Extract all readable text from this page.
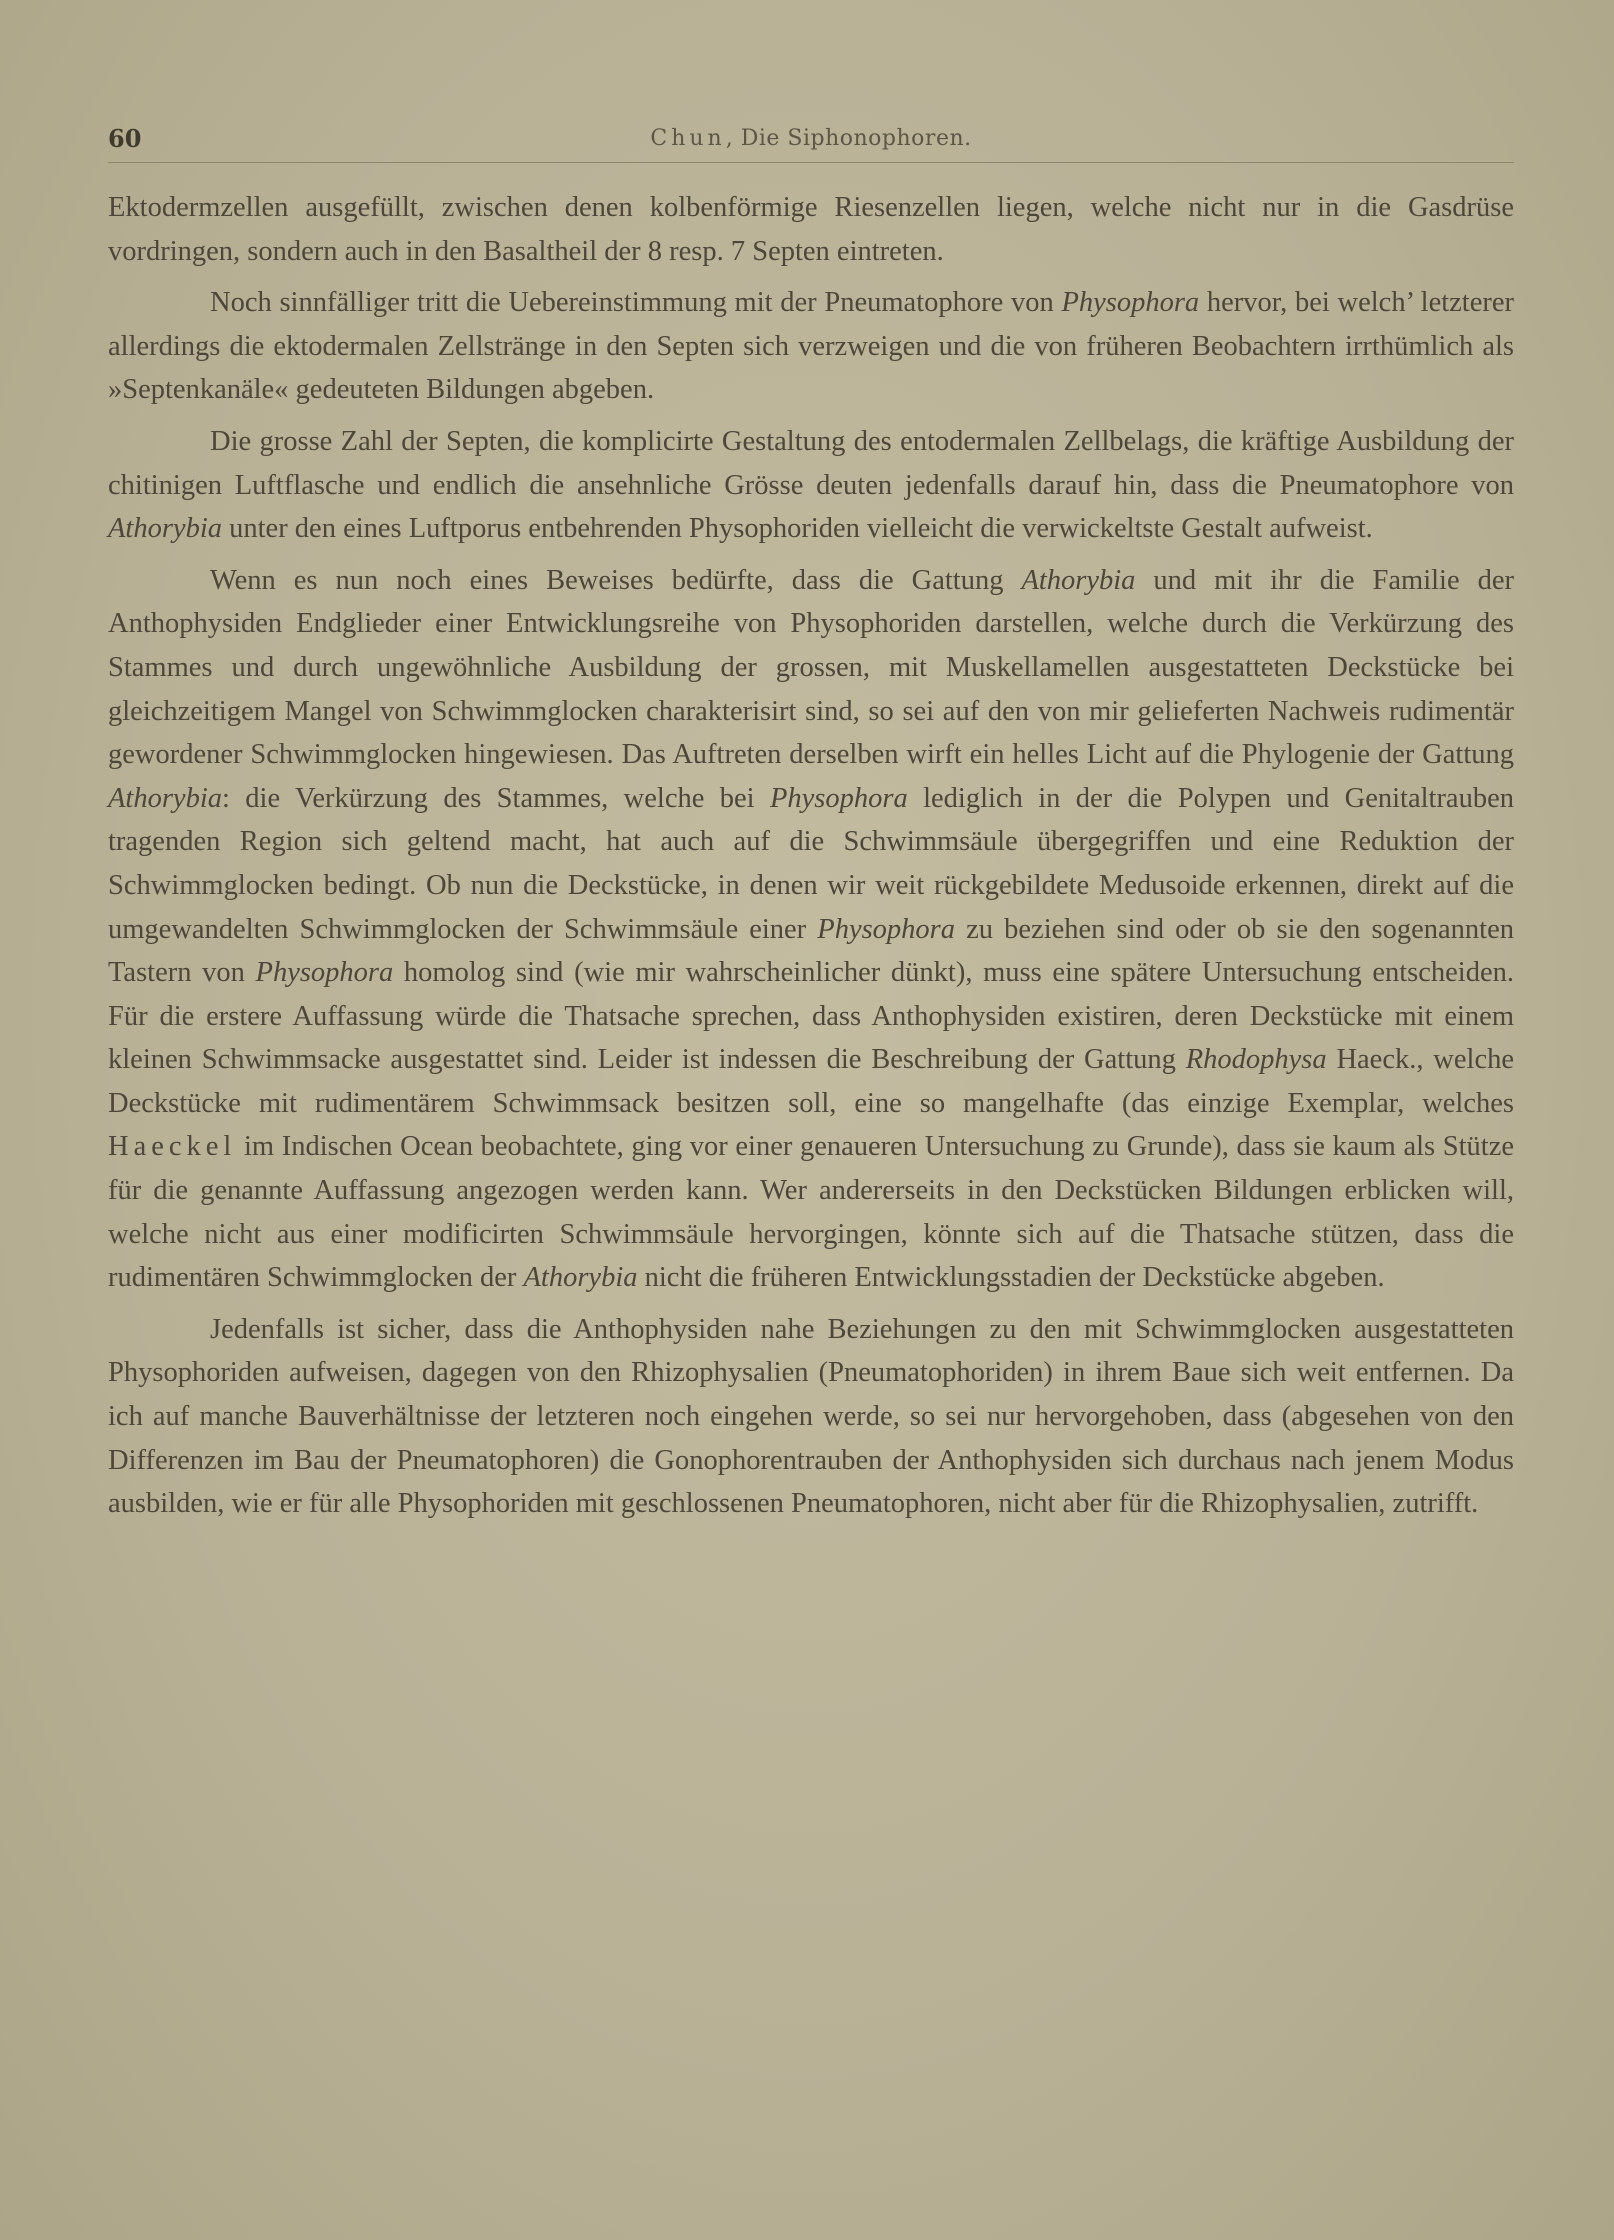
60	Chun, Die Siphonophoren.

Ektodermzellen ausgefüllt, zwischen denen kolbenförmige Riesenzellen liegen, welche nicht nur in die Gasdrüse vordringen, sondern auch in den Basaltheil der 8 resp. 7 Septen eintreten.

Noch sinnfälliger tritt die Uebereinstimmung mit der Pneumatophore von Physophora hervor, bei welch’ letzterer allerdings die ektodermalen Zellstränge in den Septen sich verzweigen und die von früheren Beobachtern irrthümlich als »Septenkanäle« gedeuteten Bildungen abgeben.

Die grosse Zahl der Septen, die komplicirte Gestaltung des entodermalen Zellbelags, die kräftige Ausbildung der chitinigen Luftflasche und endlich die ansehnliche Grösse deuten jedenfalls darauf hin, dass die Pneumatophore von Athorybia unter den eines Luftporus entbehrenden Physophoriden vielleicht die verwickeltste Gestalt aufweist.

Wenn es nun noch eines Beweises bedürfte, dass die Gattung Athorybia und mit ihr die Familie der Anthophysiden Endglieder einer Entwicklungsreihe von Physophoriden darstellen, welche durch die Verkürzung des Stammes und durch ungewöhnliche Ausbildung der grossen, mit Muskellamellen ausgestatteten Deckstücke bei gleichzeitigem Mangel von Schwimmglocken charakterisirt sind, so sei auf den von mir gelieferten Nachweis rudimentär gewordener Schwimmglocken hingewiesen. Das Auftreten derselben wirft ein helles Licht auf die Phylogenie der Gattung Athorybia: die Verkürzung des Stammes, welche bei Physophora lediglich in der die Polypen und Genitaltrauben tragenden Region sich geltend macht, hat auch auf die Schwimmsäule übergegriffen und eine Reduktion der Schwimmglocken bedingt. Ob nun die Deckstücke, in denen wir weit rückgebildete Medusoide erkennen, direkt auf die umgewandelten Schwimmglocken der Schwimmsäule einer Physophora zu beziehen sind oder ob sie den sogenannten Tastern von Physophora homolog sind (wie mir wahrscheinlicher dünkt), muss eine spätere Untersuchung entscheiden. Für die erstere Auffassung würde die Thatsache sprechen, dass Anthophysiden existiren, deren Deckstücke mit einem kleinen Schwimmsacke ausgestattet sind. Leider ist indessen die Beschreibung der Gattung Rhodophysa Haeck., welche Deckstücke mit rudimentärem Schwimmsack besitzen soll, eine so mangelhafte (das einzige Exemplar, welches Haeckel im Indischen Ocean beobachtete, ging vor einer genaueren Untersuchung zu Grunde), dass sie kaum als Stütze für die genannte Auffassung angezogen werden kann. Wer andererseits in den Deckstücken Bildungen erblicken will, welche nicht aus einer modificirten Schwimmsäule hervorgingen, könnte sich auf die Thatsache stützen, dass die rudimentären Schwimmglocken der Athorybia nicht die früheren Entwicklungsstadien der Deckstücke abgeben.

Jedenfalls ist sicher, dass die Anthophysiden nahe Beziehungen zu den mit Schwimmglocken ausgestatteten Physophoriden aufweisen, dagegen von den Rhizophysalien (Pneumatophoriden) in ihrem Baue sich weit entfernen. Da ich auf manche Bauverhältnisse der letzteren noch eingehen werde, so sei nur hervorgehoben, dass (abgesehen von den Differenzen im Bau der Pneumatophoren) die Gonophorentrauben der Anthophysiden sich durchaus nach jenem Modus ausbilden, wie er für alle Physophoriden mit geschlossenen Pneumatophoren, nicht aber für die Rhizophysalien, zutrifft.
